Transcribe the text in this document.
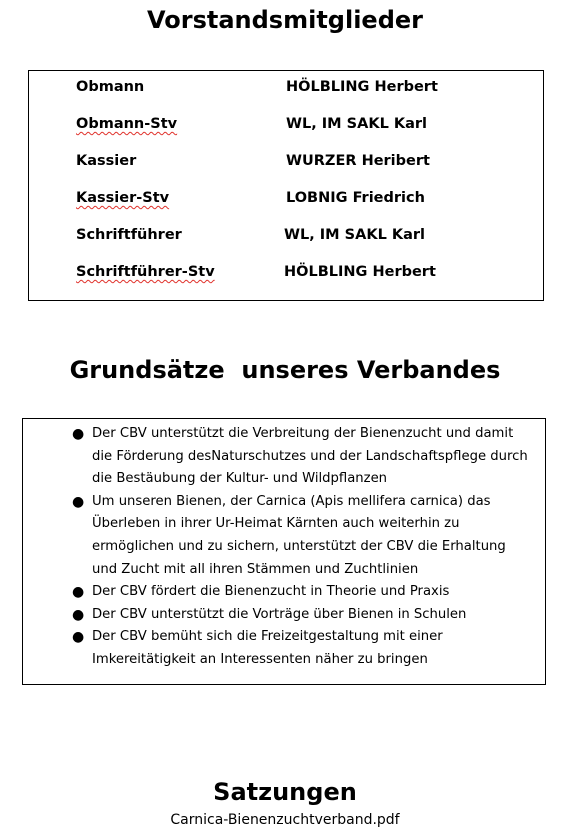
Vorstandsmitglieder
Obmann	HÖLBLING Herbert
Obmann-Stv	WL, IM SAKL Karl
Kassier	WURZER Heribert
Kassier-Stv	LOBNIG Friedrich
Schriftführer	WL, IM SAKL Karl
Schriftführer-Stv	HÖLBLING Herbert
Grundsätze  unseres Verbandes
● Der CBV unterstützt die Verbreitung der Bienenzucht und damit die Förderung desNaturschutzes und der Landschaftspflege durch die Bestäubung der Kultur- und Wildpflanzen
● Um unseren Bienen, der Carnica (Apis mellifera carnica) das Überleben in ihrer Ur-Heimat Kärnten auch weiterhin zu ermöglichen und zu sichern, unterstützt der CBV die Erhaltung und Zucht mit all ihren Stämmen und Zuchtlinien
● Der CBV fördert die Bienenzucht in Theorie und Praxis
● Der CBV unterstützt die Vorträge über Bienen in Schulen
● Der CBV bemüht sich die Freizeitgestaltung mit einer Imkereitätigkeit an Interessenten näher zu bringen
Satzungen
Carnica-Bienenzuchtverband.pdf
